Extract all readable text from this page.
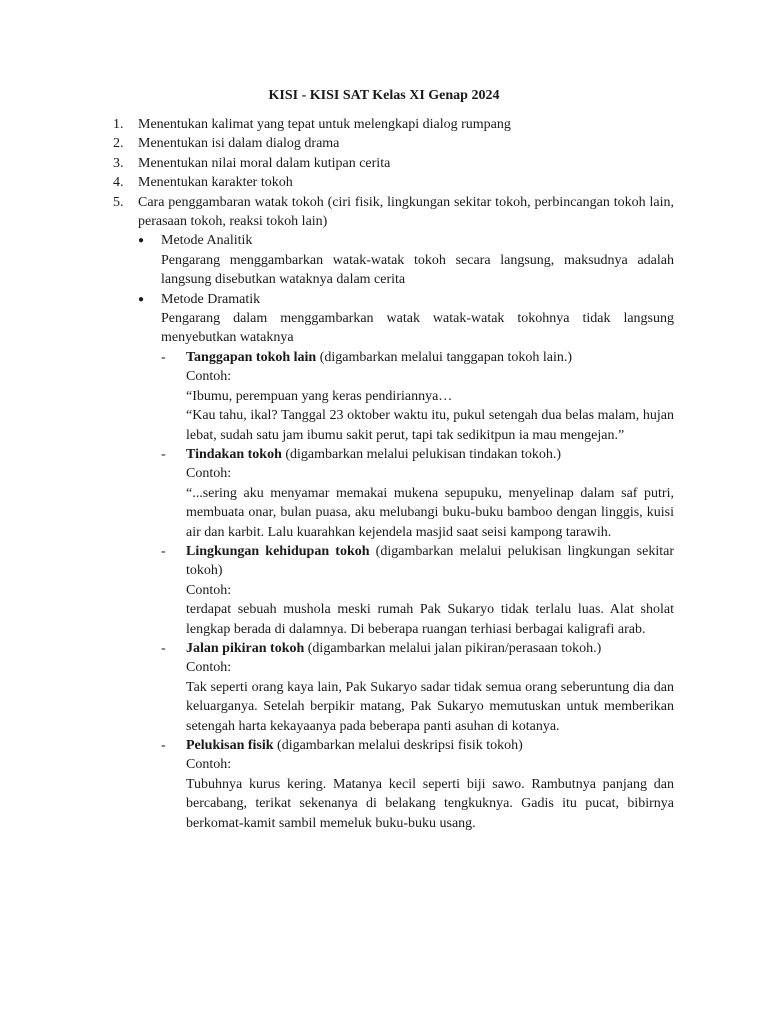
KISI - KISI SAT Kelas XI Genap 2024
1.	Menentukan kalimat yang tepat untuk melengkapi dialog rumpang
2.	Menentukan isi dalam dialog drama
3.	Menentukan nilai moral dalam kutipan cerita
4.	Menentukan karakter tokoh
5.	Cara penggambaran watak tokoh (ciri fisik, lingkungan sekitar tokoh, perbincangan tokoh lain, perasaan tokoh, reaksi tokoh lain)
●	Metode Analitik
Pengarang menggambarkan watak-watak tokoh secara langsung, maksudnya adalah langsung disebutkan wataknya dalam cerita
●	Metode Dramatik
Pengarang dalam menggambarkan watak watak-watak tokohnya tidak langsung menyebutkan wataknya
-	Tanggapan tokoh lain (digambarkan melalui tanggapan tokoh lain.)

Contoh:

“Ibumu, perempuan yang keras pendiriannya…

“Kau tahu, ikal? Tanggal 23 oktober waktu itu, pukul setengah dua belas malam, hujan lebat, sudah satu jam ibumu sakit perut, tapi tak sedikitpun ia mau mengejan.”

-	Tindakan tokoh (digambarkan melalui pelukisan tindakan tokoh.)

Contoh:

“...sering aku menyamar memakai mukena sepupuku, menyelinap dalam saf putri, membuata onar, bulan puasa, aku melubangi buku-buku bamboo dengan linggis, kuisi air dan karbit. Lalu kuarahkan kejendela masjid saat seisi kampong tarawih.

-	Lingkungan kehidupan tokoh (digambarkan melalui pelukisan lingkungan sekitar tokoh)

Contoh:

terdapat sebuah mushola meski rumah Pak Sukaryo tidak terlalu luas. Alat sholat lengkap berada di dalamnya. Di beberapa ruangan terhiasi berbagai kaligrafi arab.

-	Jalan pikiran tokoh (digambarkan melalui jalan pikiran/perasaan tokoh.)

Contoh:

Tak seperti orang kaya lain, Pak Sukaryo sadar tidak semua orang seberuntung dia dan keluarganya. Setelah berpikir matang, Pak Sukaryo memutuskan untuk memberikan setengah harta kekayaanya pada beberapa panti asuhan di kotanya.

-	Pelukisan fisik (digambarkan melalui deskripsi fisik tokoh)

Contoh:

Tubuhnya kurus kering. Matanya kecil seperti biji sawo. Rambutnya panjang dan bercabang, terikat sekenanya di belakang tengkuknya. Gadis itu pucat, bibirnya berkomat-kamit sambil memeluk buku-buku usang.
